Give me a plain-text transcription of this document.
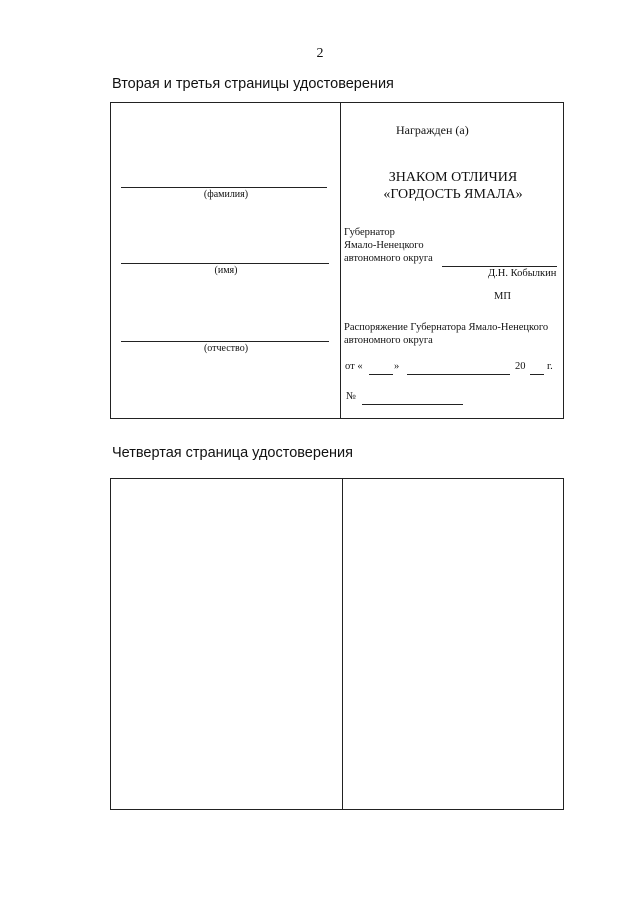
2
Вторая и третья страницы удостоверения
(фамилия)
(имя)
(отчество)
Награжден (а)
ЗНАКОМ ОТЛИЧИЯ
«ГОРДОСТЬ ЯМАЛА»
Губернатор
Ямало-Ненецкого
автономного округа
Д.Н. Кобылкин
МП
Распоряжение Губернатора Ямало-Ненецкого
автономного округа
от «	»	20 г.
№
Четвертая страница удостоверения
